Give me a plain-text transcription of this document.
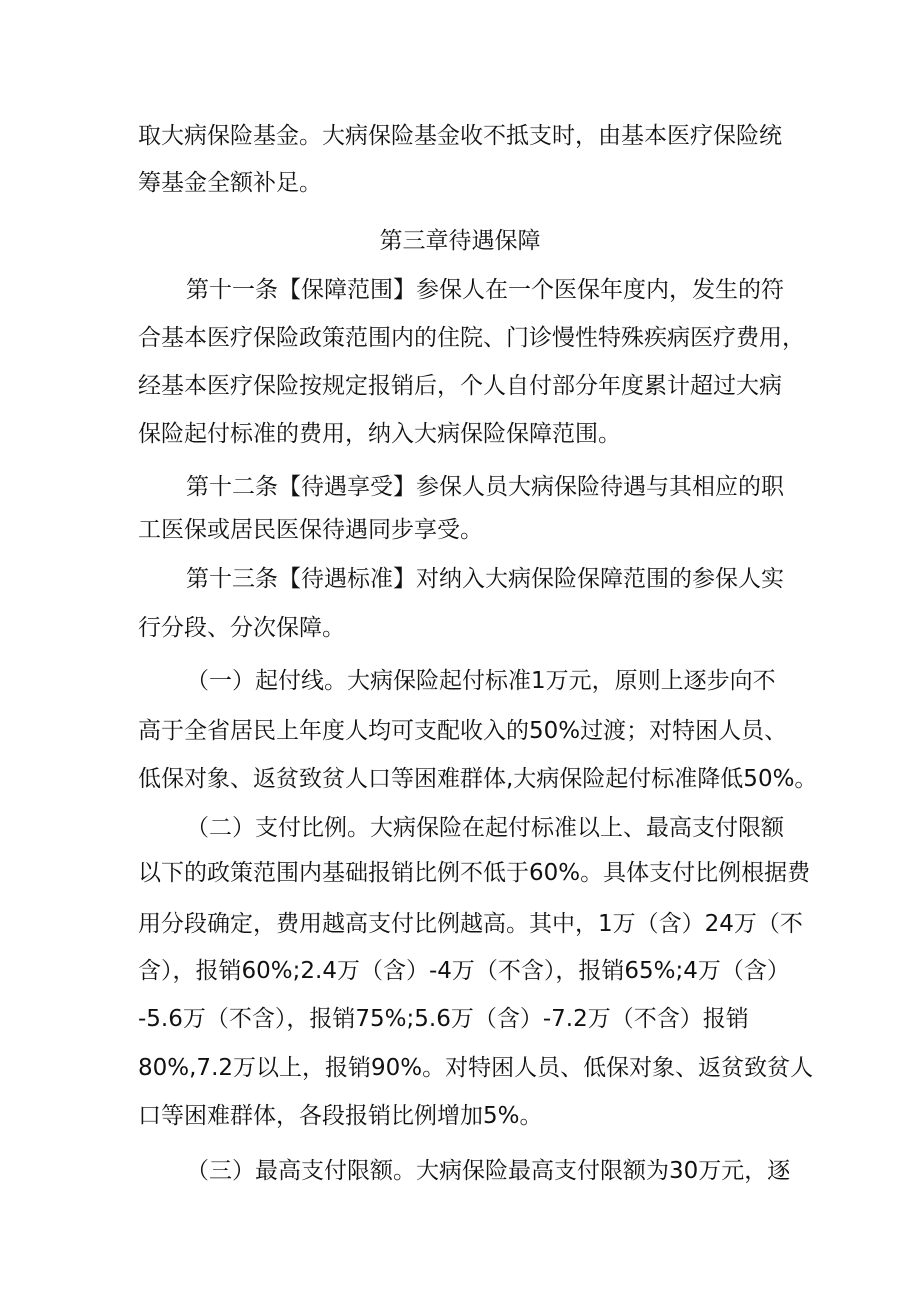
取大病保险基金。大病保险基金收不抵支时，由基本医疗保险统
筹基金全额补足。
第三章待遇保障
第十一条【保障范围】参保人在一个医保年度内，发生的符
合基本医疗保险政策范围内的住院、门诊慢性特殊疾病医疗费用，
经基本医疗保险按规定报销后，个人自付部分年度累计超过大病
保险起付标准的费用，纳入大病保险保障范围。
第十二条【待遇享受】参保人员大病保险待遇与其相应的职
工医保或居民医保待遇同步享受。
第十三条【待遇标准】对纳入大病保险保障范围的参保人实
行分段、分次保障。
（一）起付线。大病保险起付标准1万元，原则上逐步向不
高于全省居民上年度人均可支配收入的50%过渡；对特困人员、
低保对象、返贫致贫人口等困难群体,大病保险起付标准降低50%。
（二）支付比例。大病保险在起付标准以上、最高支付限额
以下的政策范围内基础报销比例不低于60%。具体支付比例根据费
用分段确定，费用越高支付比例越高。其中，1万（含）24万（不
含），报销60%;2.4万（含）-4万（不含），报销65%;4万（含）
-5.6万（不含），报销75%;5.6万（含）-7.2万（不含）报销
80%,7.2万以上，报销90%。对特困人员、低保对象、返贫致贫人
口等困难群体，各段报销比例增加5%。
（三）最高支付限额。大病保险最高支付限额为30万元，逐
